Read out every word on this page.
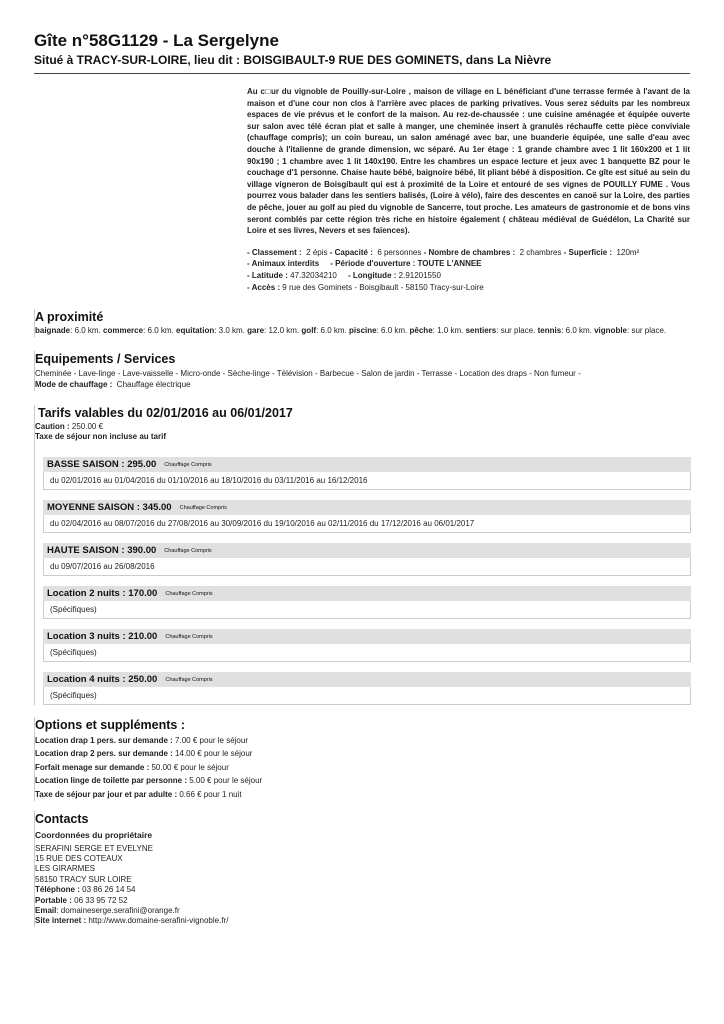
Gîte n°58G1129 - La Sergelyne

Situé à TRACY-SUR-LOIRE, lieu dit : BOISGIBAULT-9 RUE DES GOMINETS, dans La Nièvre

Au c□ur du vignoble de Pouilly-sur-Loire , maison de village en L bénéficiant d'une terrasse fermée à l'avant de la maison et d'une cour non clos à l'arrière avec places de parking privatives. Vous serez séduits par les nombreux espaces de vie prévus et le confort de la maison. Au rez-de-chaussée : une cuisine aménagée et équipée ouverte sur salon avec télé écran plat et salle à manger, une cheminée insert à granulés réchauffe cette pièce conviviale (chauffage compris); un coin bureau, un salon aménagé avec bar, une buanderie équipée, une salle d'eau avec douche à l'italienne de grande dimension, wc séparé. Au 1er étage : 1 grande chambre avec 1 lit 160x200 et 1 lit 90x190 ; 1 chambre avec 1 lit 140x190. Entre les chambres un espace lecture et jeux avec 1 banquette BZ pour le couchage d'1 personne. Chaise haute bébé, baignoire bébé, lit pliant bébé à disposition. Ce gîte est situé au sein du village vigneron de Boisgibault qui est à proximité de la Loire et entouré de ses vignes de POUILLY FUME . Vous pourrez vous balader dans les sentiers balisés, (Loire à vélo), faire des descentes en canoë sur la Loire, des parties de pêche, jouer au golf au pied du vignoble de Sancerre, tout proche. Les amateurs de gastronomie et de bons vins seront comblés par cette région très riche en histoire également ( château médiéval de Guédélon, La Charité sur Loire et ses livres, Nevers et ses faïences).
- Classement : 2 épis - Capacité : 6 personnes - Nombre de chambres : 2 chambres - Superficie : 120m²
- Animaux interdits - Période d'ouverture : TOUTE L'ANNEE
- Latitude : 47.32034210 - Longitude : 2.91201550
- Accès : 9 rue des Gominets - Boisgibault - 58150 Tracy-sur-Loire

A proximité

baignade: 6.0 km. commerce: 6.0 km. equitation: 3.0 km. gare: 12.0 km. golf: 6.0 km. piscine: 6.0 km. pêche: 1.0 km. sentiers: sur place. tennis: 6.0 km. vignoble: sur place.

Equipements / Services

Cheminée - Lave-linge - Lave-vaisselle - Micro-onde - Sèche-linge - Télévision - Barbecue - Salon de jardin - Terrasse - Location des draps - Non fumeur -
Mode de chauffage : Chauffage électrique
Tarifs valables du 02/01/2016 au 06/01/2017
Caution : 250.00 €
Taxe de séjour non incluse au tarif
BASSE SAISON : 295.00 Chauffage Compris
du 02/01/2016 au 01/04/2016 du 01/10/2016 au 18/10/2016 du 03/11/2016 au 16/12/2016
MOYENNE SAISON : 345.00 Chauffage Compris
du 02/04/2016 au 08/07/2016 du 27/08/2016 au 30/09/2016 du 19/10/2016 au 02/11/2016 du 17/12/2016 au 06/01/2017
HAUTE SAISON : 390.00 Chauffage Compris
du 09/07/2016 au 26/08/2016
Location 2 nuits : 170.00 Chauffage Compris
(Spécifiques)
Location 3 nuits : 210.00 Chauffage Compris
(Spécifiques)
Location 4 nuits : 250.00 Chauffage Compris
(Spécifiques)

Options et suppléments :

Location drap 1 pers. sur demande : 7.00 € pour le séjour
Location drap 2 pers. sur demande : 14.00 € pour le séjour
Forfait menage sur demande : 50.00 € pour le séjour
Location linge de toilette par personne : 5.00 € pour le séjour
Taxe de séjour par jour et par adulte : 0.66 € pour 1 nuit

Contacts

Coordonnées du propriétaire
SERAFINI SERGE ET EVELYNE
15 RUE DES COTEAUX
LES GIRARMES
58150 TRACY SUR LOIRE
Téléphone : 03 86 26 14 54
Portable : 06 33 95 72 52
Email: domaineserge.serafini@orange.fr
Site internet : http://www.domaine-serafini-vignoble.fr/
